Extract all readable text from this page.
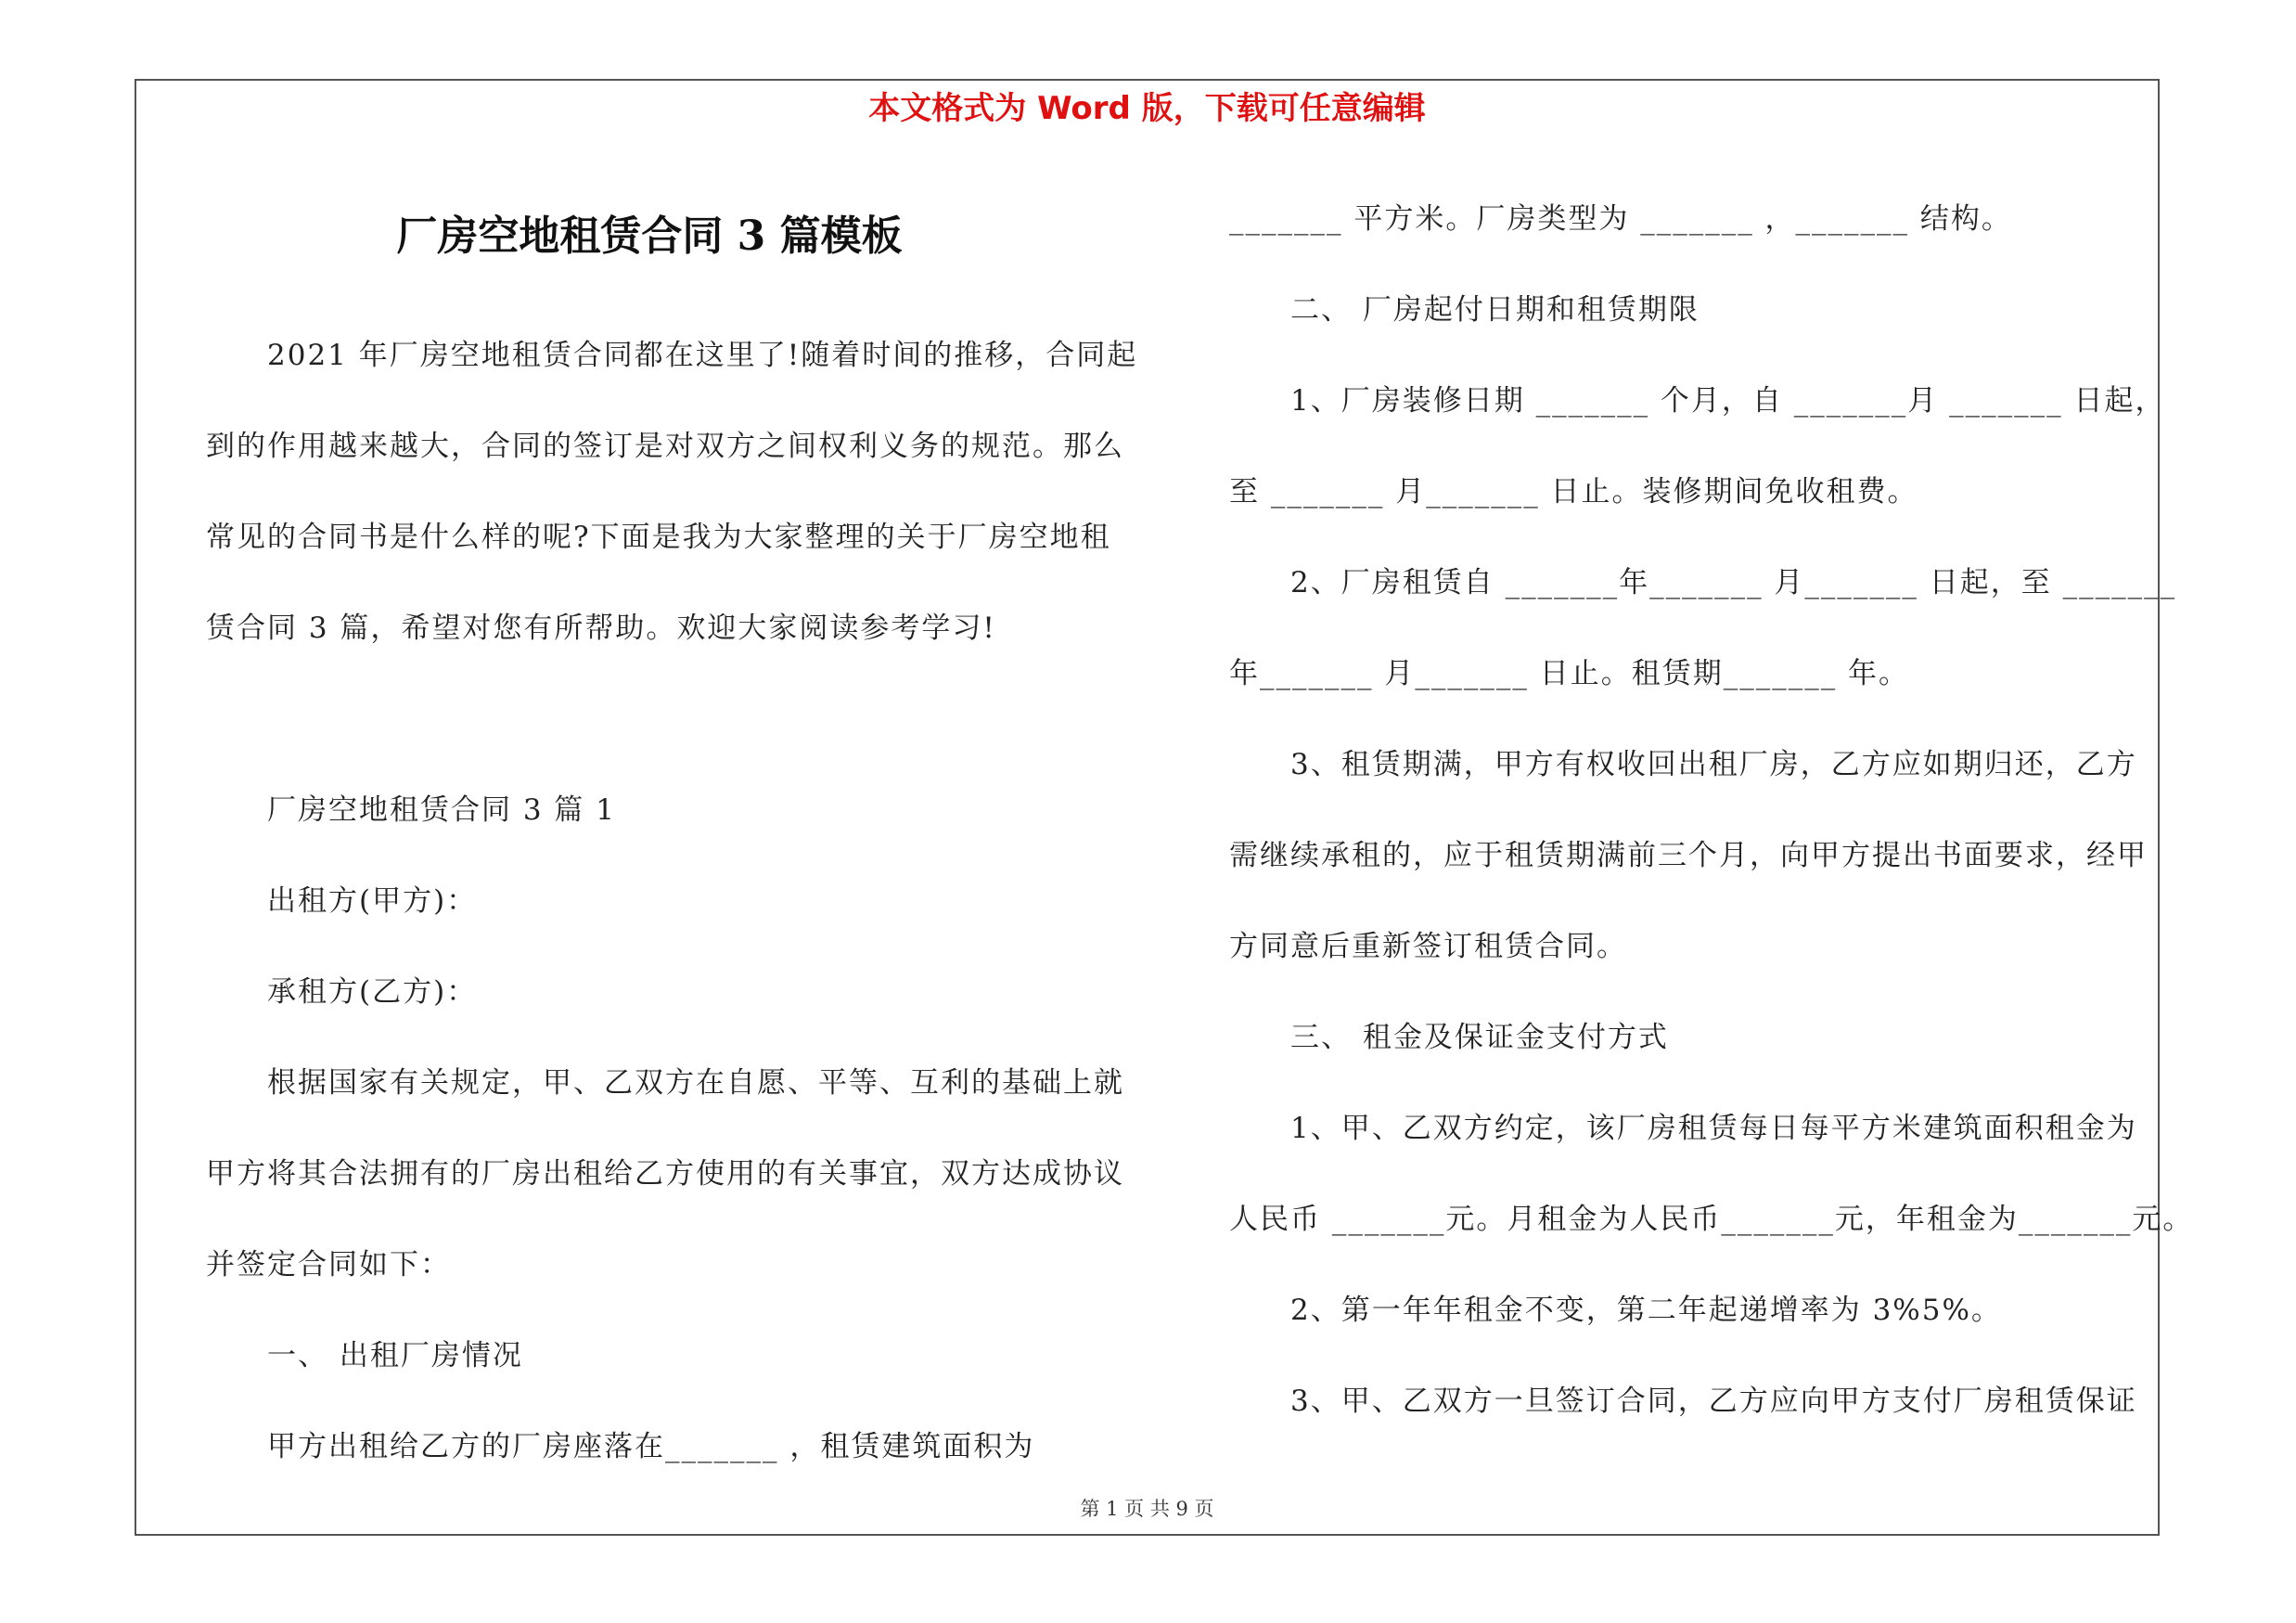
本文格式为 Word 版，下载可任意编辑
厂房空地租赁合同 3 篇模板
2021 年厂房空地租赁合同都在这里了!随着时间的推移，合同起
到的作用越来越大，合同的签订是对双方之间权利义务的规范。那么
常见的合同书是什么样的呢?下面是我为大家整理的关于厂房空地租
赁合同 3 篇，希望对您有所帮助。欢迎大家阅读参考学习!
厂房空地租赁合同 3 篇 1
出租方(甲方)：
承租方(乙方)：
根据国家有关规定，甲、乙双方在自愿、平等、互利的基础上就
甲方将其合法拥有的厂房出租给乙方使用的有关事宜，双方达成协议
并签定合同如下：
一、 出租厂房情况
甲方出租给乙方的厂房座落在_______ ，租赁建筑面积为
_______ 平方米。厂房类型为 _______ ，_______ 结构。
二、 厂房起付日期和租赁期限
1、厂房装修日期 _______ 个月，自 _______月 _______ 日起，
至 _______ 月_______ 日止。装修期间免收租费。
2、厂房租赁自 _______年_______ 月_______ 日起，至 _______
年_______ 月_______ 日止。租赁期_______ 年。
3、租赁期满，甲方有权收回出租厂房，乙方应如期归还，乙方
需继续承租的，应于租赁期满前三个月，向甲方提出书面要求，经甲
方同意后重新签订租赁合同。
三、 租金及保证金支付方式
1、甲、乙双方约定，该厂房租赁每日每平方米建筑面积租金为
人民币 _______元。月租金为人民币_______元，年租金为_______元。
2、第一年年租金不变，第二年起递增率为 3%5%。
3、甲、乙双方一旦签订合同，乙方应向甲方支付厂房租赁保证
第 1 页 共 9 页
